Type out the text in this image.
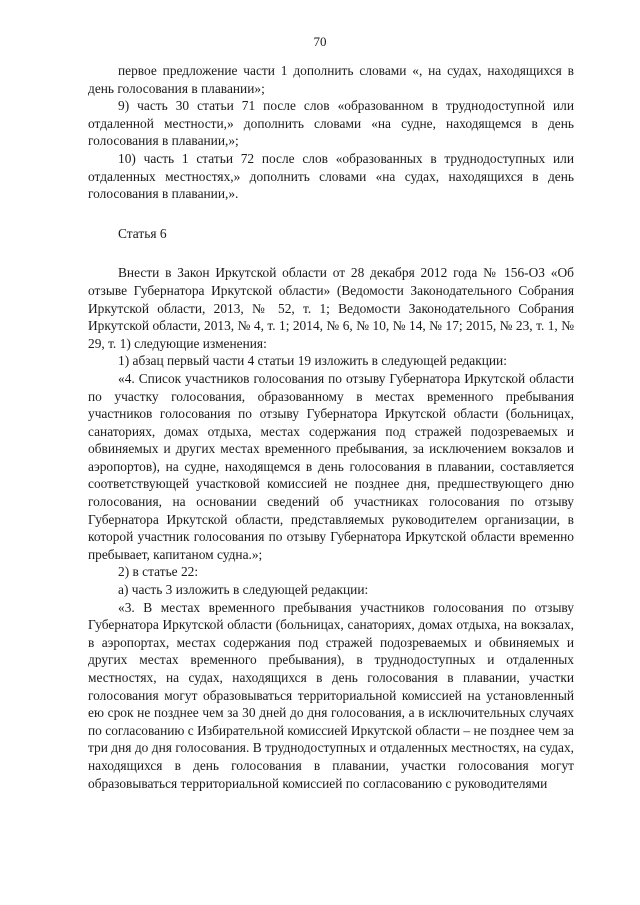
70

первое предложение части 1 дополнить словами «, на судах, находящихся в день голосования в плавании»;

9) часть 30 статьи 71 после слов «образованном в труднодоступной или отдаленной местности,» дополнить словами «на судне, находящемся в день голосования в плавании,»;

10) часть 1 статьи 72 после слов «образованных в труднодоступных или отдаленных местностях,» дополнить словами «на судах, находящихся в день голосования в плавании,».

Статья 6

Внести в Закон Иркутской области от 28 декабря 2012 года № 156-ОЗ «Об отзыве Губернатора Иркутской области» (Ведомости Законодательного Собрания Иркутской области, 2013, № 52, т. 1; Ведомости Законодательного Собрания Иркутской области, 2013, № 4, т. 1; 2014, № 6, № 10, № 14, № 17; 2015, № 23, т. 1, № 29, т. 1) следующие изменения:

1) абзац первый части 4 статьи 19 изложить в следующей редакции:

«4. Список участников голосования по отзыву Губернатора Иркутской области по участку голосования, образованному в местах временного пребывания участников голосования по отзыву Губернатора Иркутской области (больницах, санаториях, домах отдыха, местах содержания под стражей подозреваемых и обвиняемых и других местах временного пребывания, за исключением вокзалов и аэропортов), на судне, находящемся в день голосования в плавании, составляется соответствующей участковой комиссией не позднее дня, предшествующего дню голосования, на основании сведений об участниках голосования по отзыву Губернатора Иркутской области, представляемых руководителем организации, в которой участник голосования по отзыву Губернатора Иркутской области временно пребывает, капитаном судна.»;

2) в статье 22:

а) часть 3 изложить в следующей редакции:

«3. В местах временного пребывания участников голосования по отзыву Губернатора Иркутской области (больницах, санаториях, домах отдыха, на вокзалах, в аэропортах, местах содержания под стражей подозреваемых и обвиняемых и других местах временного пребывания), в труднодоступных и отдаленных местностях, на судах, находящихся в день голосования в плавании, участки голосования могут образовываться территориальной комиссией на установленный ею срок не позднее чем за 30 дней до дня голосования, а в исключительных случаях по согласованию с Избирательной комиссией Иркутской области – не позднее чем за три дня до дня голосования. В труднодоступных и отдаленных местностях, на судах, находящихся в день голосования в плавании, участки голосования могут образовываться территориальной комиссией по согласованию с руководителями
